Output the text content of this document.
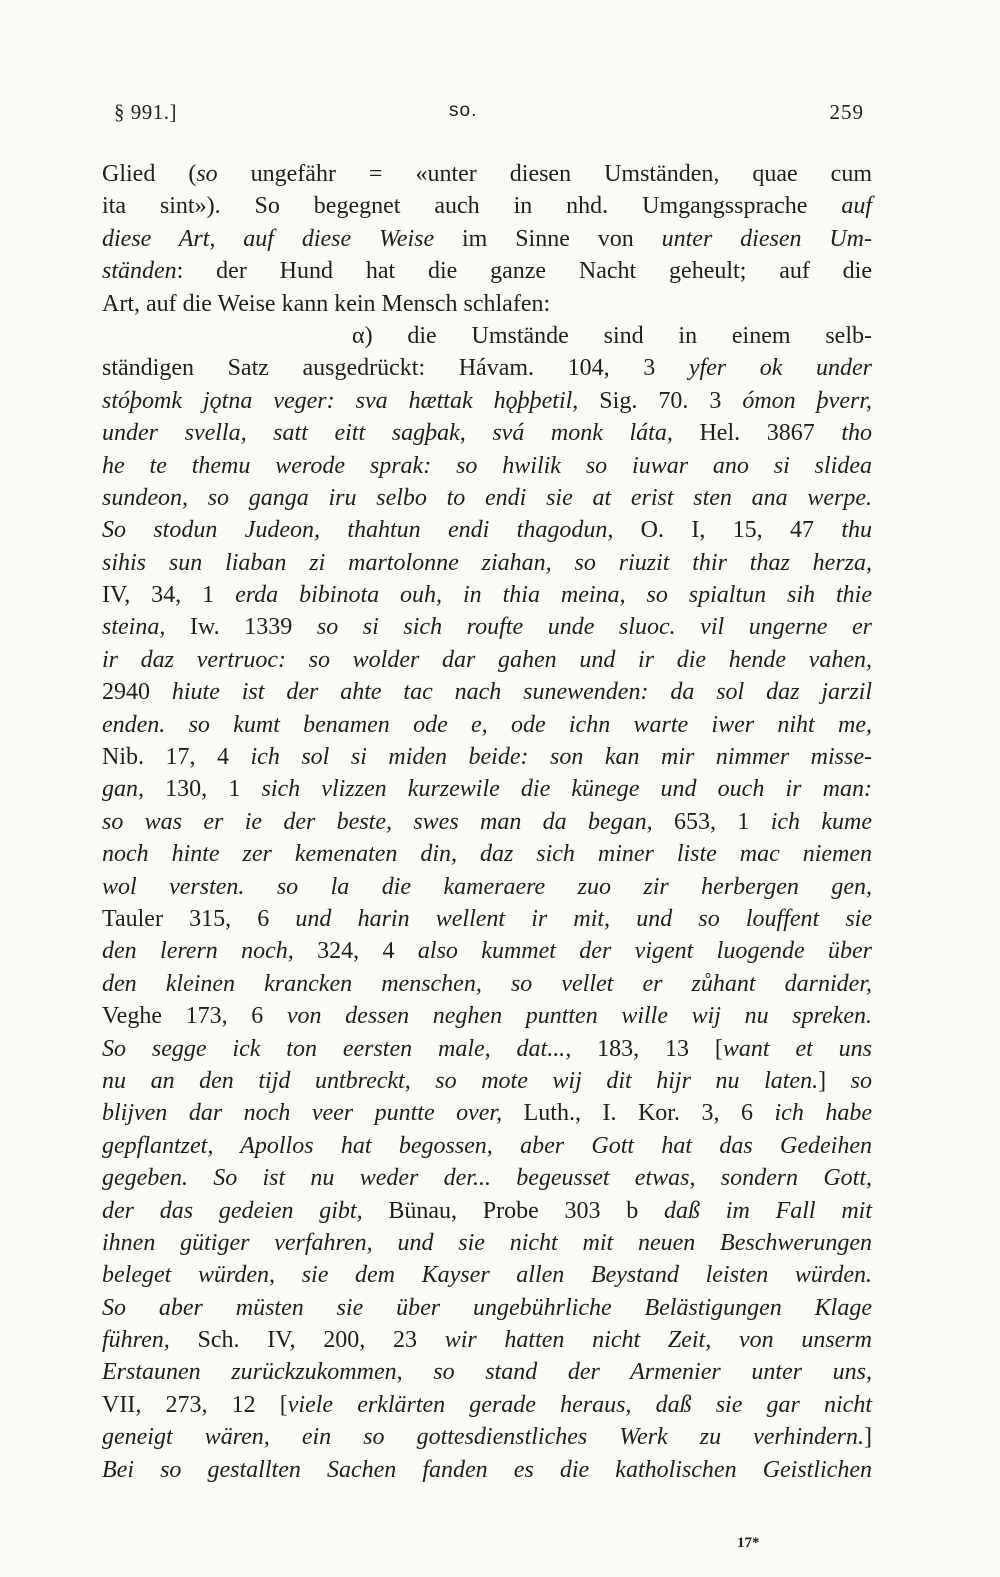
§ 991.]	so.	259
Glied (so ungefähr = «unter diesen Umständen, quae cum
ita sint»). So begegnet auch in nhd. Umgangssprache auf
diese Art, auf diese Weise im Sinne von unter diesen Um-
ständen: der Hund hat die ganze Nacht geheult; auf die
Art, auf die Weise kann kein Mensch schlafen:
α) die Umstände sind in einem selb-
ständigen Satz ausgedrückt: Hávam. 104, 3 yfer ok under
stóþomk jǫtna veger: sva hættak hǫþþetil, Sig. 70. 3 ómon þverr,
under svella, satt eitt sagþak, svá monk láta, Hel. 3867 tho
he te themu werode sprak: so hwilik so iuwar ano si slidea
sundeon, so ganga iru selbo to endi sie at erist sten ana werpe.
So stodun Judeon, thahtun endi thagodun, O. I, 15, 47 thu
sihis sun liaban zi martolonne ziahan, so riuzit thir thaz herza,
IV, 34, 1 erda bibinota ouh, in thia meina, so spialtun sih thie
steina, Iw. 1339 so si sich roufte unde sluoc. vil ungerne er
ir daz vertruoc: so wolder dar gahen und ir die hende vahen,
2940 hiute ist der ahte tac nach sunewenden: da sol daz jarzil
enden. so kumt benamen ode e, ode ichn warte iwer niht me,
Nib. 17, 4 ich sol si miden beide: son kan mir nimmer misse-
gan, 130, 1 sich vlizzen kurzewile die künege und ouch ir man:
so was er ie der beste, swes man da began, 653, 1 ich kume
noch hinte zer kemenaten din, daz sich miner liste mac niemen
wol versten. so la die kameraere zuo zir herbergen gen,
Tauler 315, 6 und harin wellent ir mit, und so louffent sie
den lerern noch, 324, 4 also kummet der vigent luogende über
den kleinen krancken menschen, so vellet er zůhant darnider,
Veghe 173, 6 von dessen neghen puntten wille wij nu spreken.
So segge ick ton eersten male, dat..., 183, 13 [want et uns
nu an den tijd untbreckt, so mote wij dit hijr nu laten.] so
blijven dar noch veer puntte over, Luth., I. Kor. 3, 6 ich habe
gepflantzet, Apollos hat begossen, aber Gott hat das Gedeihen
gegeben. So ist nu weder der... begeusset etwas, sondern Gott,
der das gedeien gibt, Bünau, Probe 303 b daß im Fall mit
ihnen gütiger verfahren, und sie nicht mit neuen Beschwerungen
beleget würden, sie dem Kayser allen Beystand leisten würden.
So aber müsten sie über ungebührliche Belästigungen Klage
führen, Sch. IV, 200, 23 wir hatten nicht Zeit, von unserm
Erstaunen zurückzukommen, so stand der Armenier unter uns,
VII, 273, 12 [viele erklärten gerade heraus, daß sie gar nicht
geneigt wären, ein so gottesdienstliches Werk zu verhindern.]
Bei so gestallten Sachen fanden es die katholischen Geistlichen
17*
